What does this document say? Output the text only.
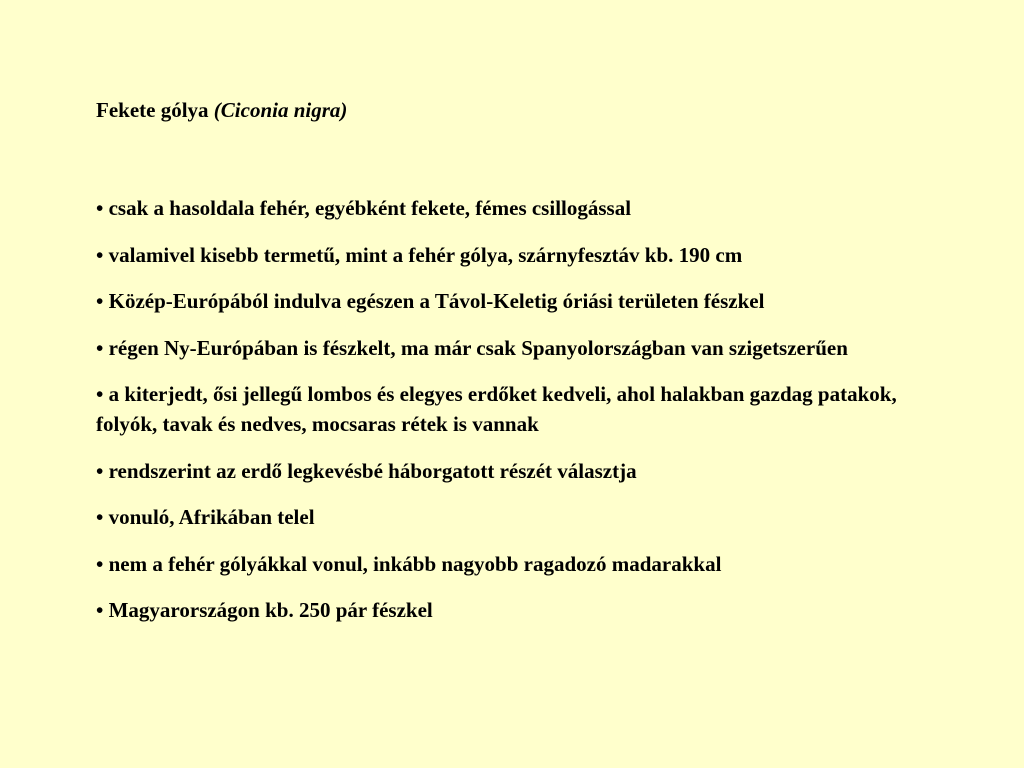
Fekete gólya (Ciconia nigra)
• csak a hasoldala fehér, egyébként fekete, fémes csillogással
• valamivel kisebb termetű, mint a fehér gólya, szárnyfesztáv kb. 190 cm
• Közép-Európából indulva egészen a Távol-Keletig óriási területen fészkel
• régen Ny-Európában is fészkelt, ma már csak Spanyolországban van szigetszerűen
• a kiterjedt, ősi jellegű lombos és elegyes erdőket kedveli, ahol halakban gazdag patakok, folyók, tavak és nedves, mocsaras rétek is vannak
• rendszerint az erdő legkevésbé háborgatott részét választja
• vonuló, Afrikában telel
• nem a fehér gólyákkal vonul, inkább nagyobb ragadozó madarakkal
• Magyarországon kb. 250 pár fészkel
